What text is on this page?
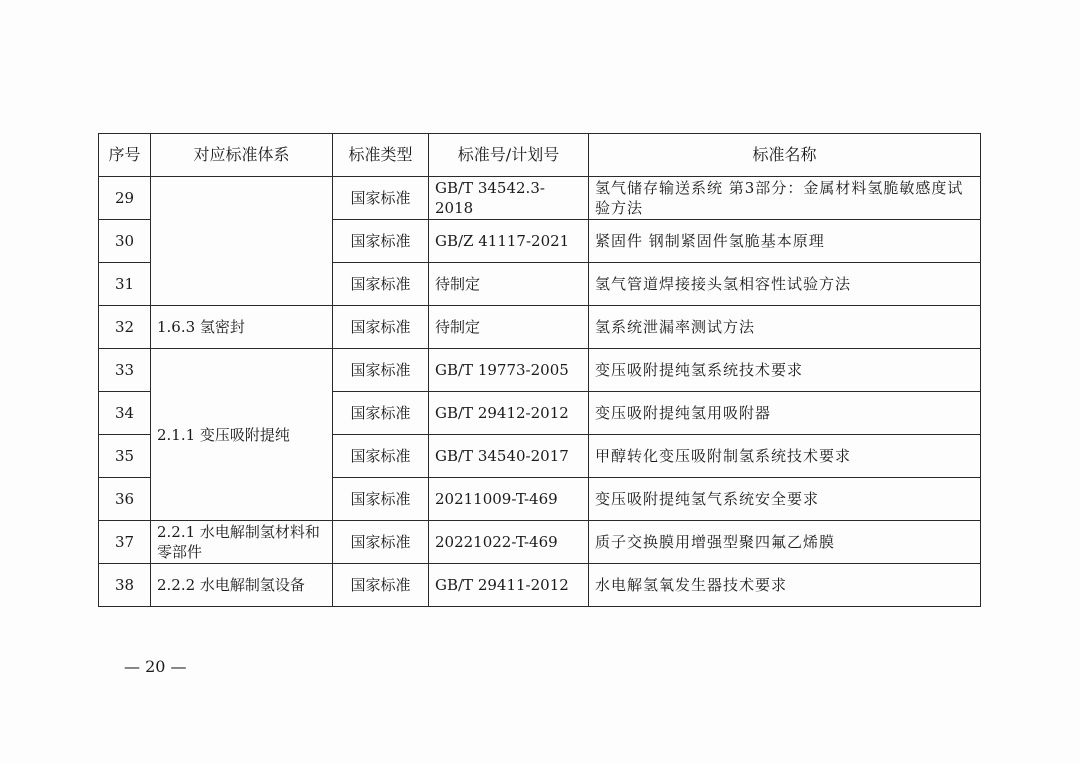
序号	对应标准体系	标准类型	标准号/计划号	标准名称
29		国家标准	GB/T 34542.3-2018	氢气储存输送系统 第3部分：金属材料氢脆敏感度试验方法
30		国家标准	GB/Z 41117-2021	紧固件 钢制紧固件氢脆基本原理
31		国家标准	待制定	氢气管道焊接接头氢相容性试验方法
32	1.6.3 氢密封	国家标准	待制定	氢系统泄漏率测试方法
33	2.1.1 变压吸附提纯	国家标准	GB/T 19773-2005	变压吸附提纯氢系统技术要求
34		国家标准	GB/T 29412-2012	变压吸附提纯氢用吸附器
35		国家标准	GB/T 34540-2017	甲醇转化变压吸附制氢系统技术要求
36		国家标准	20211009-T-469	变压吸附提纯氢气系统安全要求
37	2.2.1 水电解制氢材料和零部件	国家标准	20221022-T-469	质子交换膜用增强型聚四氟乙烯膜
38	2.2.2 水电解制氢设备	国家标准	GB/T 29411-2012	水电解氢氧发生器技术要求
— 20 —
